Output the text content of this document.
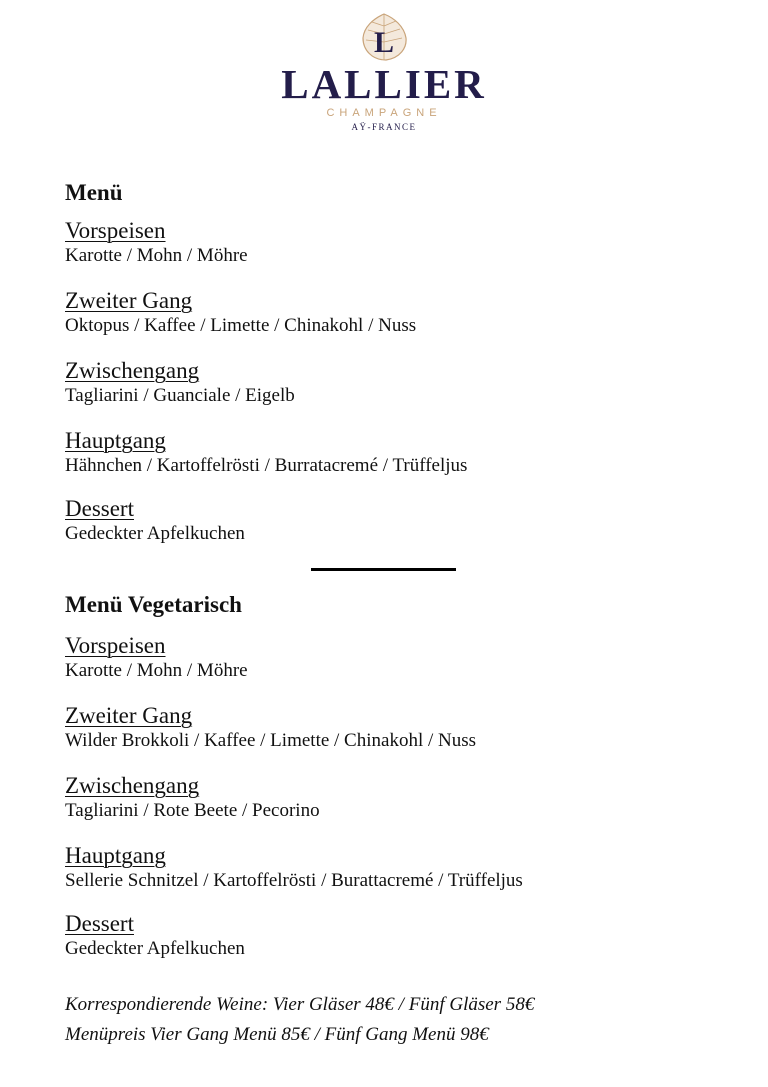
L
LALLIER
CHAMPAGNE
AŸ-FRANCE
Menü
Vorspeisen
Karotte / Mohn / Möhre
Zweiter Gang
Oktopus / Kaffee / Limette / Chinakohl / Nuss
Zwischengang
Tagliarini / Guanciale / Eigelb
Hauptgang
Hähnchen / Kartoffelrösti / Burratacremé / Trüffeljus
Dessert
Gedeckter Apfelkuchen
Menü Vegetarisch
Vorspeisen
Karotte / Mohn / Möhre
Zweiter Gang
Wilder Brokkoli / Kaffee / Limette / Chinakohl / Nuss
Zwischengang
Tagliarini / Rote Beete / Pecorino
Hauptgang
Sellerie Schnitzel / Kartoffelrösti / Burattacremé / Trüffeljus
Dessert
Gedeckter Apfelkuchen
Korrespondierende Weine: Vier Gläser 48€ / Fünf Gläser 58€
Menüpreis Vier Gang Menü 85€ / Fünf Gang Menü 98€
